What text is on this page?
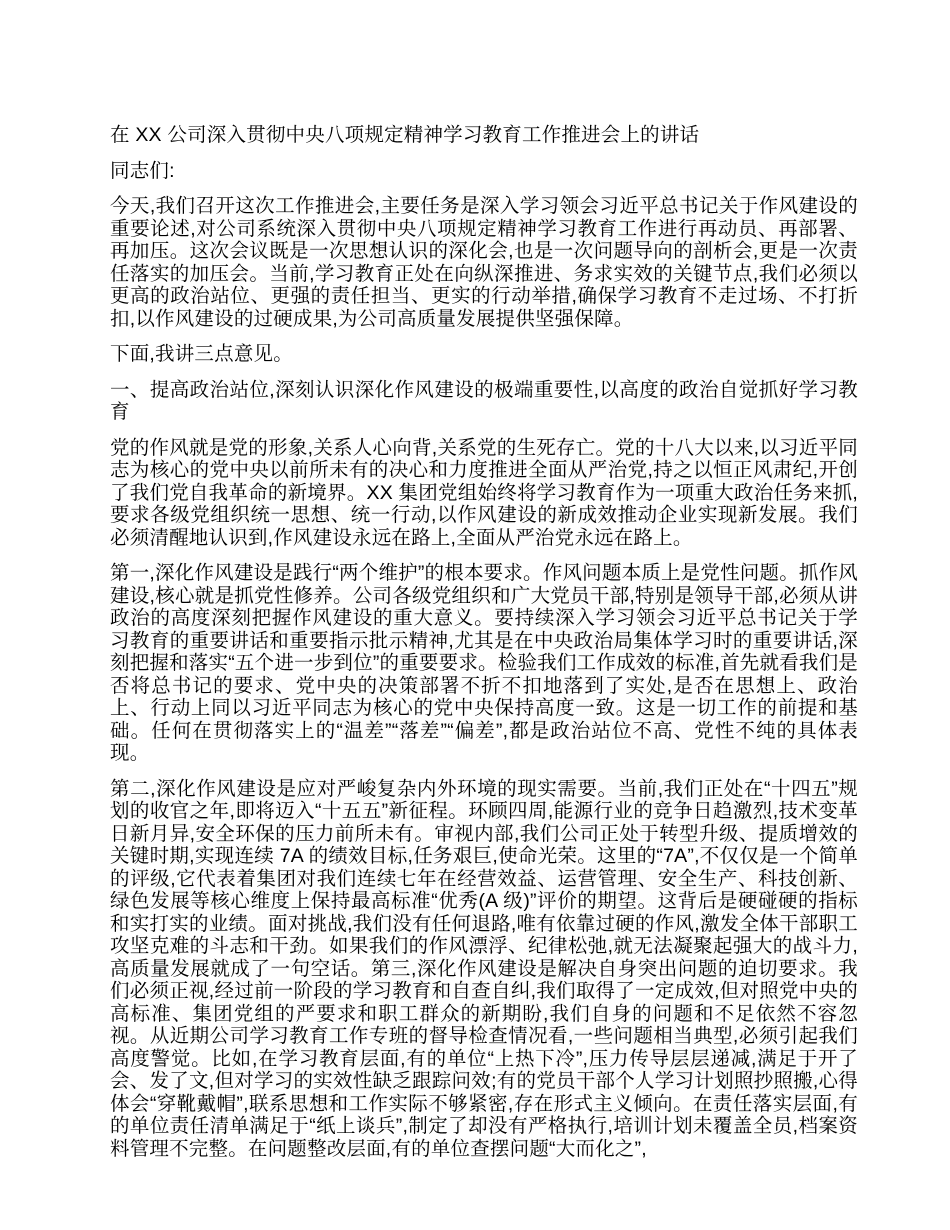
在 XX 公司深入贯彻中央八项规定精神学习教育工作推进会上的讲话

同志们:

今天,我们召开这次工作推进会,主要任务是深入学习领会习近平总书记关于作风建设的重要论述,对公司系统深入贯彻中央八项规定精神学习教育工作进行再动员、再部署、再加压。这次会议既是一次思想认识的深化会,也是一次问题导向的剖析会,更是一次责任落实的加压会。当前,学习教育正处在向纵深推进、务求实效的关键节点,我们必须以更高的政治站位、更强的责任担当、更实的行动举措,确保学习教育不走过场、不打折扣,以作风建设的过硬成果,为公司高质量发展提供坚强保障。

下面,我讲三点意见。

一、提高政治站位,深刻认识深化作风建设的极端重要性,以高度的政治自觉抓好学习教育

党的作风就是党的形象,关系人心向背,关系党的生死存亡。党的十八大以来,以习近平同志为核心的党中央以前所未有的决心和力度推进全面从严治党,持之以恒正风肃纪,开创了我们党自我革命的新境界。XX 集团党组始终将学习教育作为一项重大政治任务来抓,要求各级党组织统一思想、统一行动,以作风建设的新成效推动企业实现新发展。我们必须清醒地认识到,作风建设永远在路上,全面从严治党永远在路上。

第一,深化作风建设是践行“两个维护”的根本要求。作风问题本质上是党性问题。抓作风建设,核心就是抓党性修养。公司各级党组织和广大党员干部,特别是领导干部,必须从讲政治的高度深刻把握作风建设的重大意义。要持续深入学习领会习近平总书记关于学习教育的重要讲话和重要指示批示精神,尤其是在中央政治局集体学习时的重要讲话,深刻把握和落实“五个进一步到位”的重要要求。检验我们工作成效的标准,首先就看我们是否将总书记的要求、党中央的决策部署不折不扣地落到了实处,是否在思想上、政治上、行动上同以习近平同志为核心的党中央保持高度一致。这是一切工作的前提和基础。任何在贯彻落实上的“温差”“落差”“偏差”,都是政治站位不高、党性不纯的具体表现。

第二,深化作风建设是应对严峻复杂内外环境的现实需要。当前,我们正处在“十四五”规划的收官之年,即将迈入“十五五”新征程。环顾四周,能源行业的竞争日趋激烈,技术变革日新月异,安全环保的压力前所未有。审视内部,我们公司正处于转型升级、提质增效的关键时期,实现连续 7A 的绩效目标,任务艰巨,使命光荣。这里的“7A”,不仅仅是一个简单的评级,它代表着集团对我们连续七年在经营效益、运营管理、安全生产、科技创新、绿色发展等核心维度上保持最高标准“优秀(A 级)”评价的期望。这背后是硬碰硬的指标和实打实的业绩。面对挑战,我们没有任何退路,唯有依靠过硬的作风,激发全体干部职工攻坚克难的斗志和干劲。如果我们的作风漂浮、纪律松弛,就无法凝聚起强大的战斗力,高质量发展就成了一句空话。第三,深化作风建设是解决自身突出问题的迫切要求。我们必须正视,经过前一阶段的学习教育和自查自纠,我们取得了一定成效,但对照党中央的高标准、集团党组的严要求和职工群众的新期盼,我们自身的问题和不足依然不容忽视。从近期公司学习教育工作专班的督导检查情况看,一些问题相当典型,必须引起我们高度警觉。比如,在学习教育层面,有的单位“上热下冷”,压力传导层层递减,满足于开了会、发了文,但对学习的实效性缺乏跟踪问效;有的党员干部个人学习计划照抄照搬,心得体会“穿靴戴帽”,联系思想和工作实际不够紧密,存在形式主义倾向。在责任落实层面,有的单位责任清单满足于“纸上谈兵”,制定了却没有严格执行,培训计划未覆盖全员,档案资料管理不完整。在问题整改层面,有的单位查摆问题“大而化之”,
